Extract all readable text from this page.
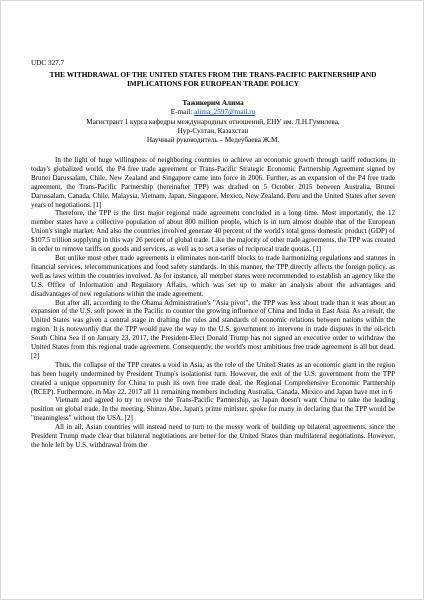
UDC 327.7
THE WITHDRAWAL OF THE UNITED STATES FROM THE TRANS-PACIFIC PARTNERSHIP AND IMPLICATIONS FOR EUROPEAN TRADE POLICY
Тажикерим Алима
E-mail: alima_2597@mail.ru
Магистрант 1 курса кафедры международных отношений, ЕНУ им. Л.Н.Гумилева,
Нур-Султан, Казахстан
Научный руководитель – Медеубаева Ж.М.

In the light of huge willingness of neighboring countries to achieve an economic growth through tariff reductions in today's globalized world, the P4 free trade agreement or Trans-Pacific Strategic Economic Partnership Agreement signed by Brunei Darussalam, Chile, New Zealand and Singapore came into force in 2006. Further, as an expansion of the P4 free trade agreement, the Trans-Pacific Partnership (hereinafter TPP) was drafted on 5 October 2015 between Australia, Brunei Darussalam, Canada, Chile, Malaysia, Vietnam, Japan, Singapore, Mexico, New Zealand, Peru and the United States after seven years of negotiations. [1]

Therefore, the TPP is the first major regional trade agreement concluded in a long time. Most importantly, the 12 member states have a collective population of about 800 million people, which is in turn almost double that of the European Union's single market. And also the countries involved generate 40 percent of the world's total gross domestic product (GDP) of $107.5 trillion supplying in this way 26 percent of global trade. Like the majority of other trade agreements, the TPP was created in order to remove tariffs on goods and services, as well as to set a series of reciprocal trade quotas. [1]

But unlike most other trade agreements it eliminates non-tariff blocks to trade harmonizing regulations and statutes in financial services, telecommunications and food safety standards. In this manner, the TPP directly affects the foreign policy, as well as laws within the countries involved. As for instance, all member states were recommended to establish an agency like the U.S. Office of Information and Regulatory Affairs, which was set up to make an analysis about the advantages and disadvantages of new regulations within the trade agreement.

But after all, according to the Obama Administration's "Asia pivot", the TPP was less about trade than it was about an expansion of the U.S. soft power in the Pacific to counter the growing influence of China and India in East Asia. As a result, the United States was given a central stage in drafting the rules and standards of economic relations between nations within the region. It is noteworthy that the TPP would pave the way to the U.S. government to intervene in trade disputes in the oil-rich South China Sea if on January 23, 2017, the President-Elect Donald Trump has not signed an executive order to withdraw the United States from this regional trade agreement. Consequently, the world's most ambitious free trade agreement is all but dead. [2]

Thus, the collapse of the TPP creates a void in Asia, as the role of the United States as an economic giant in the region has been hugely undermined by President Trump's isolationist turn. However, the exit of the U.S. government from the TPP created a unique opportunity for China to push its own free trade deal, the Regional Comprehensive Economic Partnership (RCEP). Furthermore, in May 22, 2017 all 11 remaining members including Australia, Canada, Mexico and Japan have met in 6

Vietnam and agreed to try to revive the Trans-Pacific Partnership, as Japan doesn't want China to take the leading position on global trade. In the meeting, Shinzo Abe, Japan's prime minister, spoke for many in declaring that the TPP would be "meaningless" without the USA. [2]

All in all, Asian countries will instead need to turn to the messy work of building up bilateral agreements, since the President Trump made clear that bilateral negotiations are better for the United States than multilateral negotiations. However, the hole left by U.S. withdrawal from the
